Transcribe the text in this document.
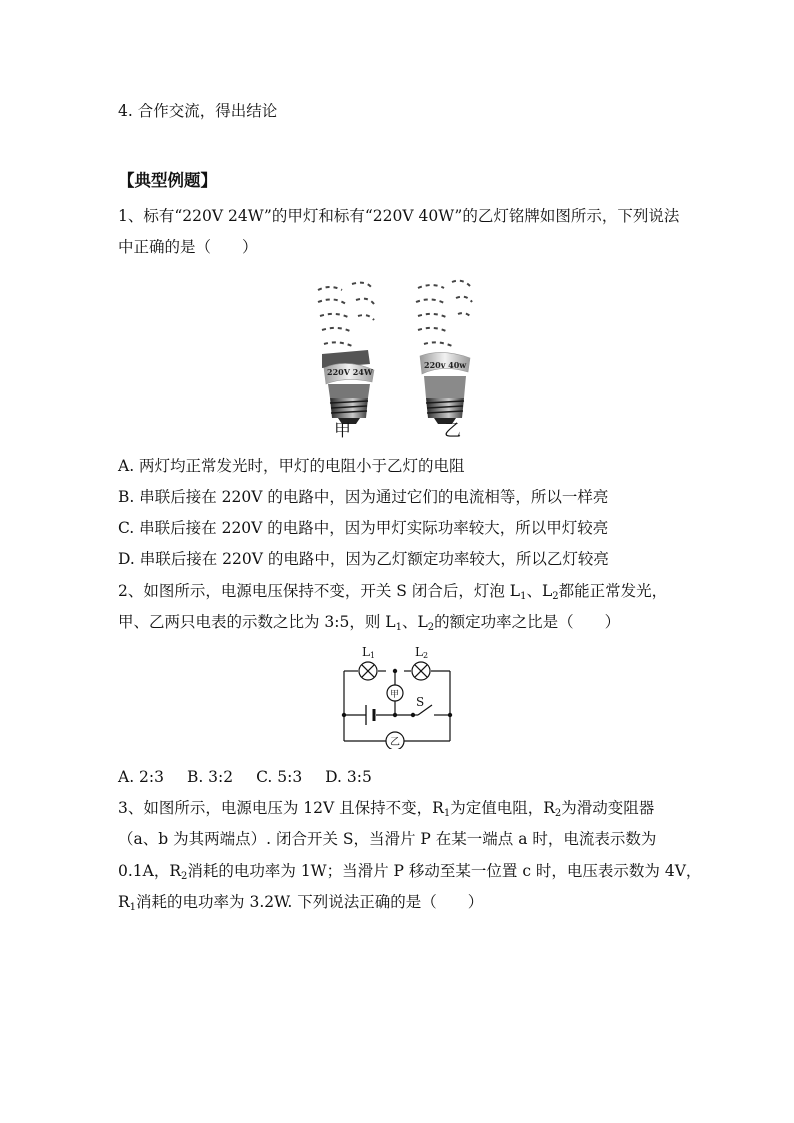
4. 合作交流，得出结论
【典型例题】
1、标有“220V 24W”的甲灯和标有“220V 40W”的乙灯铭牌如图所示，下列说法
中正确的是（　　）
220V 24W
220v 40w
甲	乙
A. 两灯均正常发光时，甲灯的电阻小于乙灯的电阻
B. 串联后接在 220V 的电路中，因为通过它们的电流相等，所以一样亮
C. 串联后接在 220V 的电路中，因为甲灯实际功率较大，所以甲灯较亮
D. 串联后接在 220V 的电路中，因为乙灯额定功率较大，所以乙灯较亮
2、如图所示，电源电压保持不变，开关 S 闭合后，灯泡 $L_1$、$L_2$都能正常发光，
甲、乙两只电表的示数之比为 3:5，则 $L_1$、$L_2$的额定功率之比是（　　）
L1	L2
甲 S
乙
A. 2:3 B. 3:2 C. 5:3 D. 3:5
3、如图所示，电源电压为 12V 且保持不变，$R_1$为定值电阻，$R_2$为滑动变阻器
（a、b 为其两端点）. 闭合开关 S，当滑片 P 在某一端点 a 时，电流表示数为
0.1A，$R_2$消耗的电功率为 1W；当滑片 P 移动至某一位置 c 时，电压表示数为 4V，
$R_1$消耗的电功率为 3.2W. 下列说法正确的是（　　）
